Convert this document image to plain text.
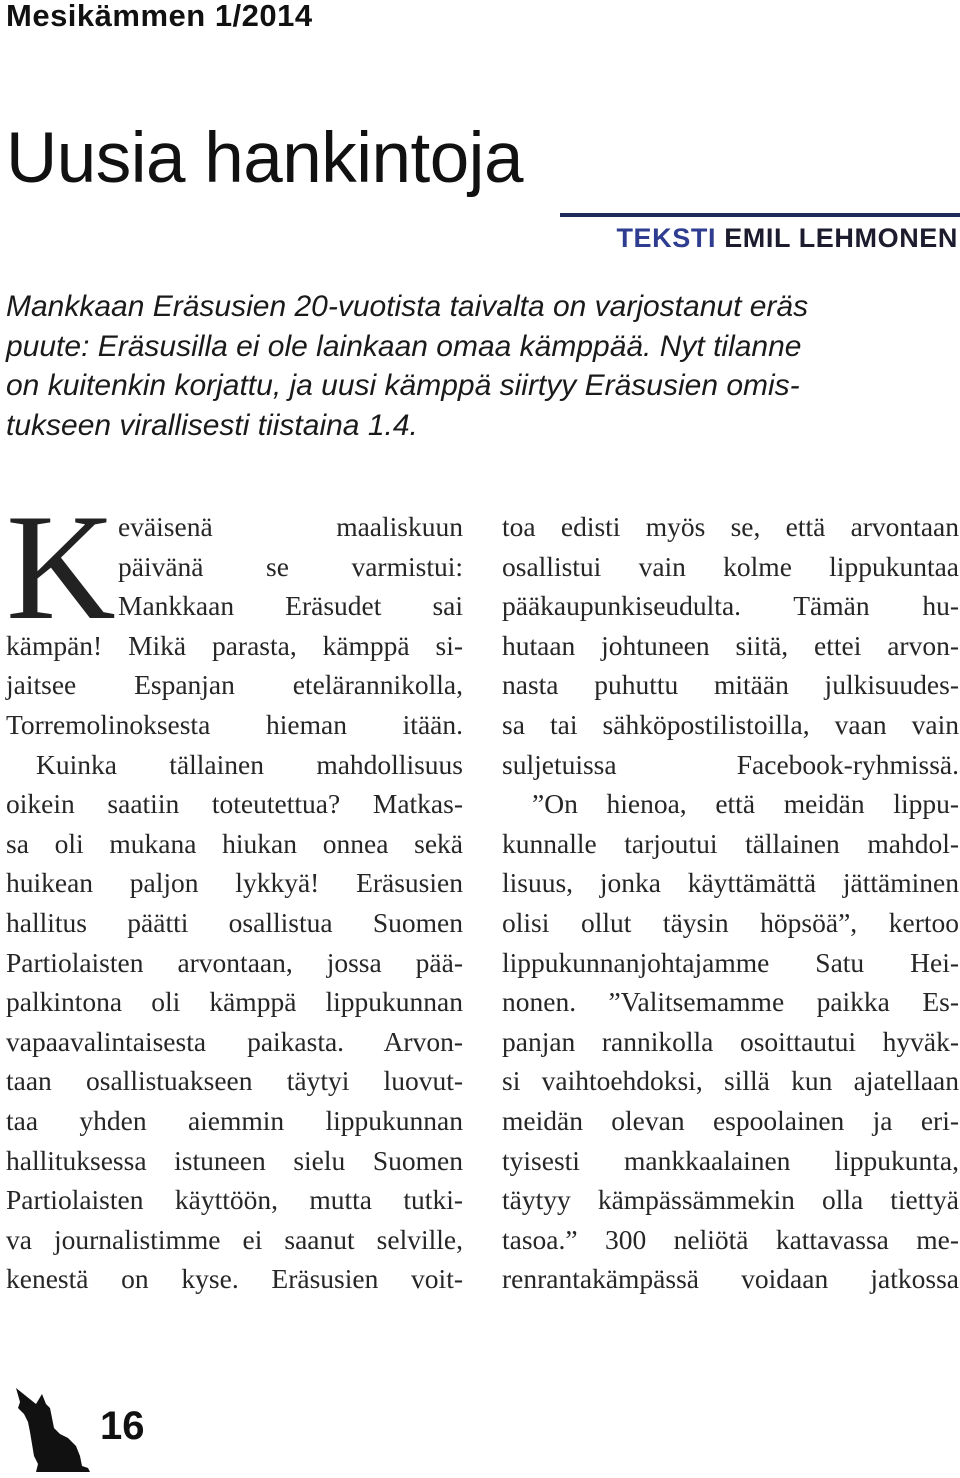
Mesikämmen 1/2014
Uusia hankintoja
TEKSTI EMIL LEHMONEN

Mankkaan Eräsusien 20-vuotista taivalta on varjostanut eräs
puute: Eräsusilla ei ole lainkaan omaa kämppää. Nyt tilanne
on kuitenkin korjattu, ja uusi kämppä siirtyy Eräsusien omis-
tukseen virallisesti tiistaina 1.4.

K eväisenä maaliskuun
päivänä se varmistui:
Mankkaan Eräsudet sai
kämpän! Mikä parasta, kämppä si-
jaitsee Espanjan etelärannikolla,
Torremolinoksesta hieman itään.
Kuinka tällainen mahdollisuus
oikein saatiin toteutettua? Matkas-
sa oli mukana hiukan onnea sekä
huikean paljon lykkyä! Eräsusien
hallitus päätti osallistua Suomen
Partiolaisten arvontaan, jossa pää-
palkintona oli kämppä lippukunnan
vapaavalintaisesta paikasta. Arvon-
taan osallistuakseen täytyi luovut-
taa yhden aiemmin lippukunnan
hallituksessa istuneen sielu Suomen
Partiolaisten käyttöön, mutta tutki-
va journalistimme ei saanut selville,
kenestä on kyse. Eräsusien voit-
toa edisti myös se, että arvontaan
osallistui vain kolme lippukuntaa
pääkaupunkiseudulta. Tämän hu-
hutaan johtuneen siitä, ettei arvon-
nasta puhuttu mitään julkisuudes-
sa tai sähköpostilistoilla, vaan vain
suljetuissa Facebook-ryhmissä.
”On hienoa, että meidän lippu-
kunnalle tarjoutui tällainen mahdol-
lisuus, jonka käyttämättä jättäminen
olisi ollut täysin höpsöä”, kertoo
lippukunnanjohtajamme Satu Hei-
nonen. ”Valitsemamme paikka Es-
panjan rannikolla osoittautui hyväk-
si vaihtoehdoksi, sillä kun ajatellaan
meidän olevan espoolainen ja eri-
tyisesti mankkaalainen lippukunta,
täytyy kämpässämmekin olla tiettyä
tasoa.” 300 neliötä kattavassa me-
renrantakämpässä voidaan jatkossa
16
